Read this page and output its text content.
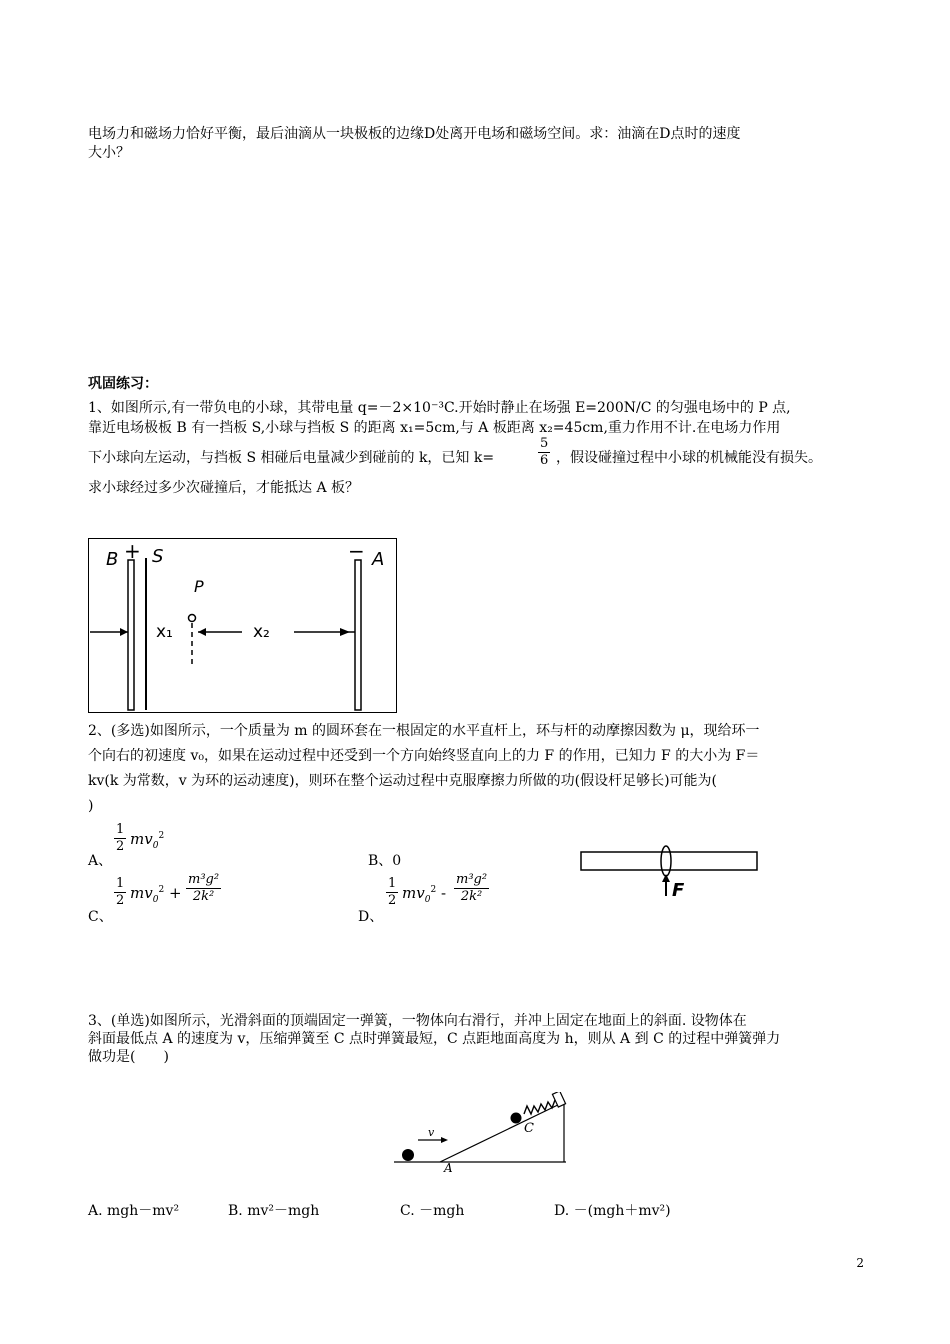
电场力和磁场力恰好平衡，最后油滴从一块极板的边缘D处离开电场和磁场空间。求：油滴在D点时的速度
大小？
巩固练习：
1、如图所示,有一带负电的小球，其带电量 q=－2×10⁻³C.开始时静止在场强 E=200N/C 的匀强电场中的 P 点,
靠近电场极板 B 有一挡板 S,小球与挡板 S 的距离 x₁=5cm,与 A 板距离 x₂=45cm,重力作用不计.在电场力作用
下小球向左运动，与挡板 S 相碰后电量减少到碰前的 k，已知 k=	$\frac{5}{6}$ ，假设碰撞过程中小球的机械能没有损失。
求小球经过多少次碰撞后，才能抵达 A 板？
B + S	− A
P
x₁	x₂
2、(多选)如图所示，一个质量为 m 的圆环套在一根固定的水平直杆上，环与杆的动摩擦因数为 μ，现给环一
个向右的初速度 v₀，如果在运动过程中还受到一个方向始终竖直向上的力 F 的作用，已知力 F 的大小为 F＝
kv(k 为常数，v 为环的运动速度)，则环在整个运动过程中克服摩擦力所做的功(假设杆足够长)可能为(
)
A、
$\frac{1}{2} mv_0^2$
B、0
C、
$\frac{1}{2} mv_0^2 + \frac{\text{m³g²}}{\text{2k²}}$
D、
$\frac{1}{2} mv_0^2 - \frac{\text{m³g²}}{\text{2k²}}$	F
3、(单选)如图所示，光滑斜面的顶端固定一弹簧，一物体向右滑行，并冲上固定在地面上的斜面. 设物体在
斜面最低点 A 的速度为 v，压缩弹簧至 C 点时弹簧最短，C 点距地面高度为 h，则从 A 到 C 的过程中弹簧弹力
做功是(　　)
v
A
C
A. mgh－mv²	B. mv²－mgh	C. －mgh	D. －(mgh＋mv²)
2
